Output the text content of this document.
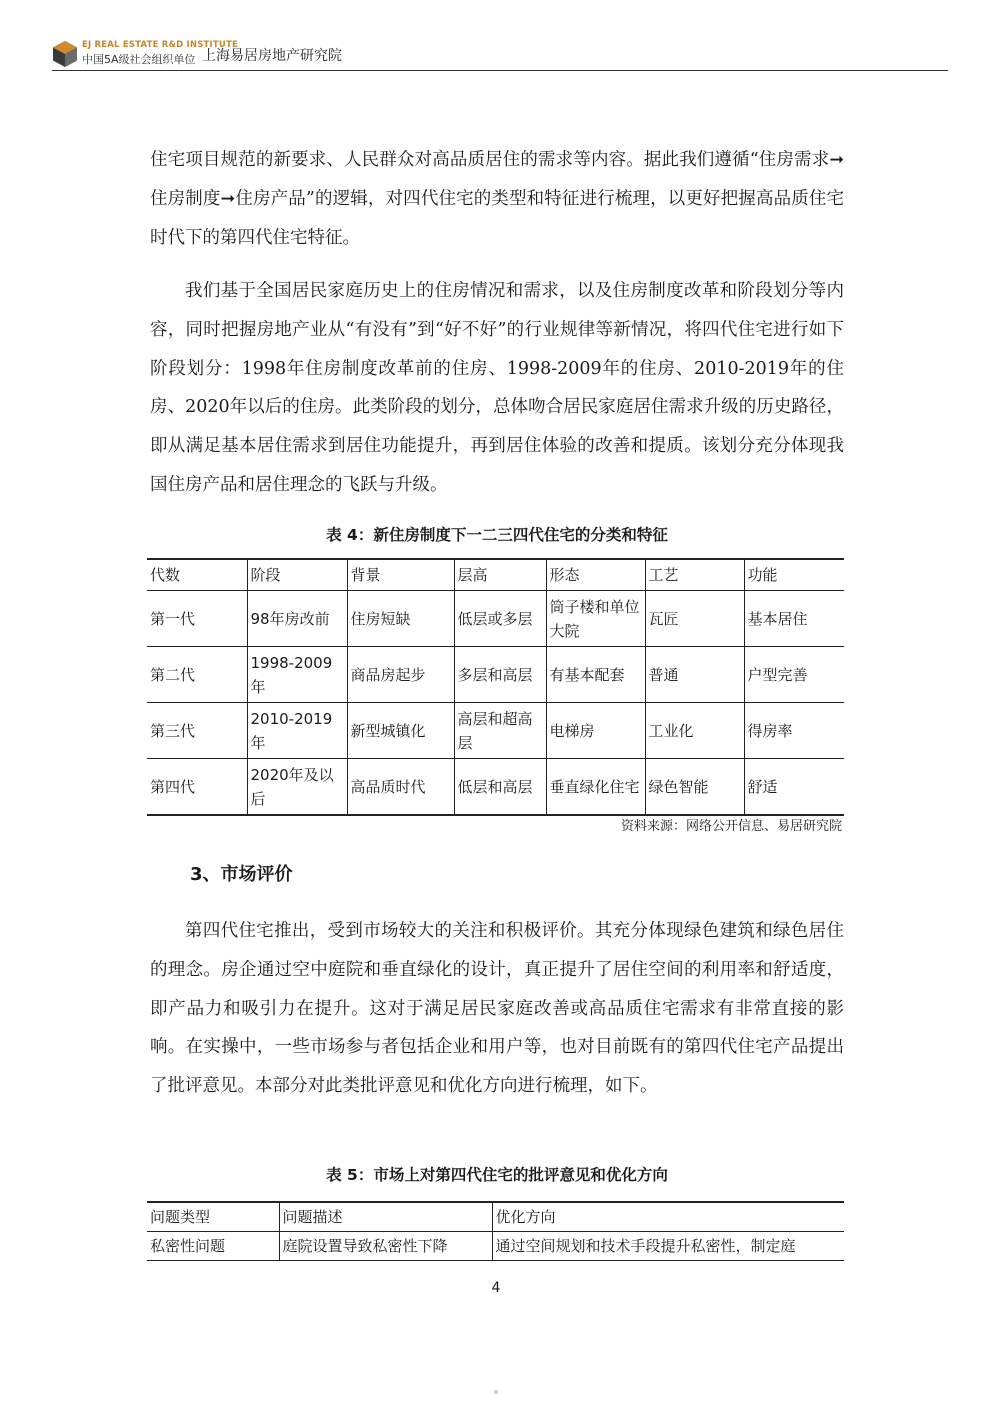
EJ REAL ESTATE R&D INSTITUTE
中国5A级社会组织单位 上海易居房地产研究院

住宅项目规范的新要求、人民群众对高品质居住的需求等内容。据此我们遵循“住房需求➞住房制度➞住房产品”的逻辑，对四代住宅的类型和特征进行梳理，以更好把握高品质住宅时代下的第四代住宅特征。

我们基于全国居民家庭历史上的住房情况和需求，以及住房制度改革和阶段划分等内容，同时把握房地产业从“有没有”到“好不好”的行业规律等新情况，将四代住宅进行如下阶段划分：1998年住房制度改革前的住房、1998-2009年的住房、2010-2019年的住房、2020年以后的住房。此类阶段的划分，总体吻合居民家庭居住需求升级的历史路径，即从满足基本居住需求到居住功能提升，再到居住体验的改善和提质。该划分充分体现我国住房产品和居住理念的飞跃与升级。

表 4：新住房制度下一二三四代住宅的分类和特征

代数	阶段	背景	层高	形态	工艺	功能
第一代	98年房改前	住房短缺	低层或多层	筒子楼和单位大院	瓦匠	基本居住
第二代	1998-2009年	商品房起步	多层和高层	有基本配套	普通	户型完善
第三代	2010-2019年	新型城镇化	高层和超高层	电梯房	工业化	得房率
第四代	2020年及以后	高品质时代	低层和高层	垂直绿化住宅	绿色智能	舒适

资料来源：网络公开信息、易居研究院

3、市场评价

第四代住宅推出，受到市场较大的关注和积极评价。其充分体现绿色建筑和绿色居住的理念。房企通过空中庭院和垂直绿化的设计，真正提升了居住空间的利用率和舒适度，即产品力和吸引力在提升。这对于满足居民家庭改善或高品质住宅需求有非常直接的影响。在实操中，一些市场参与者包括企业和用户等，也对目前既有的第四代住宅产品提出了批评意见。本部分对此类批评意见和优化方向进行梳理，如下。

表 5：市场上对第四代住宅的批评意见和优化方向

问题类型	问题描述	优化方向
私密性问题	庭院设置导致私密性下降	通过空间规划和技术手段提升私密性，制定庭

4
